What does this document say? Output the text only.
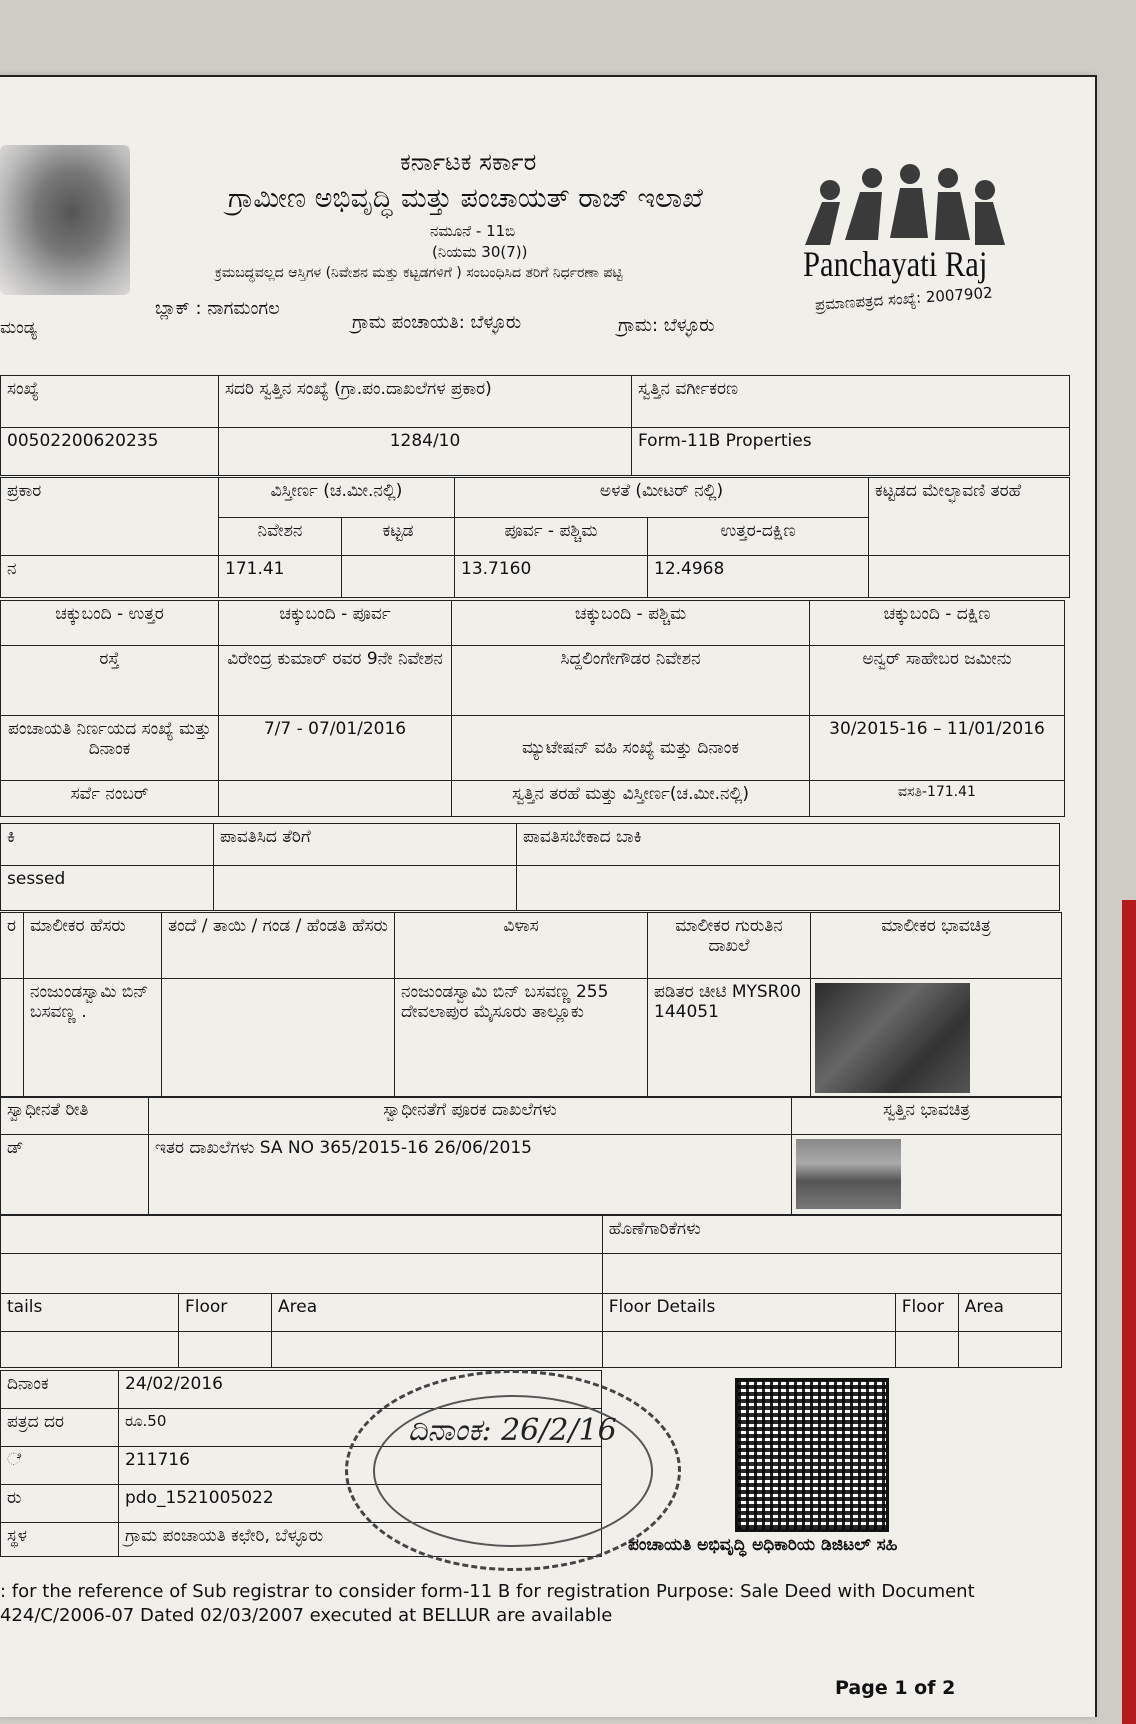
ಮಂಡ್ಯ
ಕರ್ನಾಟಕ ಸರ್ಕಾರ
ಗ್ರಾಮೀಣ ಅಭಿವೃದ್ಧಿ ಮತ್ತು ಪಂಚಾಯತ್ ರಾಜ್ ಇಲಾಖೆ
ನಮೂನೆ - 11ಬಿ
(ನಿಯಮ 30(7))
ಕ್ರಮಬದ್ಧವಲ್ಲದ ಆಸ್ತಿಗಳ (ನಿವೇಶನ ಮತ್ತು ಕಟ್ಟಡಗಳಿಗೆ ) ಸಂಬಂಧಿಸಿದ ತರಿಗೆ ನಿರ್ಧರಣಾ ಪಟ್ಟಿ
ಬ್ಲಾಕ್ : ನಾಗಮಂಗಲ
ಗ್ರಾಮ ಪಂಚಾಯತಿ: ಬೆಳ್ಳೂರು	ಗ್ರಾಮ: ಬೆಳ್ಳೂರು
Panchayati Raj
ಪ್ರಮಾಣಪತ್ರದ ಸಂಖ್ಯೆ: 2007902
ಸಂಖ್ಯೆ	ಸದರಿ ಸ್ವತ್ತಿನ ಸಂಖ್ಯೆ (ಗ್ರಾ.ಪಂ.ದಾಖಲೆಗಳ ಪ್ರಕಾರ)	ಸ್ವತ್ತಿನ ವರ್ಗೀಕರಣ
00502200620235	1284/10	Form-11B Properties
ಪ್ರಕಾರ	ವಿಸ್ತೀರ್ಣ (ಚ.ಮೀ.ನಲ್ಲಿ)		ಅಳತೆ (ಮೀಟರ್ ನಲ್ಲಿ)		ಕಟ್ಟಡದ ಮೇಲ್ಛಾವಣಿ ತರಹೆ
	ನಿವೇಶನ	ಕಟ್ಟಡ	ಪೂರ್ವ - ಪಶ್ಚಿಮ	ಉತ್ತರ-ದಕ್ಷಿಣ	
ನ	171.41		13.7160	12.4968	
ಚಕ್ಕುಬಂದಿ - ಉತ್ತರ	ಚಕ್ಕುಬಂದಿ - ಪೂರ್ವ	ಚಕ್ಕುಬಂದಿ - ಪಶ್ಚಿಮ	ಚಕ್ಕುಬಂದಿ - ದಕ್ಷಿಣ
ರಸ್ತೆ	ವಿರೇಂದ್ರ ಕುಮಾರ್ ರವರ 9ನೇ ನಿವೇಶನ	ಸಿದ್ದಲಿಂಗೇಗೌಡರ ನಿವೇಶನ	ಅನ್ವರ್ ಸಾಹೇಬರ ಜಮೀನು
ಪಂಚಾಯತಿ ನಿರ್ಣಯದ ಸಂಖ್ಯೆ ಮತ್ತು ದಿನಾಂಕ	7/7 - 07/01/2016	ಮ್ಯುಟೇಷನ್ ವಹಿ ಸಂಖ್ಯೆ ಮತ್ತು ದಿನಾಂಕ	30/2015-16 – 11/01/2016
ಸರ್ವೆ ನಂಬರ್		ಸ್ವತ್ತಿನ ತರಹೆ ಮತ್ತು ವಿಸ್ತೀರ್ಣ(ಚ.ಮೀ.ನಲ್ಲಿ)	ವಸತಿ-171.41
ಕಿ	ಪಾವತಿಸಿದ ತೆರಿಗೆ	ಪಾವತಿಸಬೇಕಾದ ಬಾಕಿ
sessed		
ರ	ಮಾಲೀಕರ ಹೆಸರು	ತಂದೆ / ತಾಯಿ / ಗಂಡ / ಹೆಂಡತಿ ಹೆಸರು	ವಿಳಾಸ	ಮಾಲೀಕರ ಗುರುತಿನ ದಾಖಲೆ	ಮಾಲೀಕರ ಭಾವಚಿತ್ರ
	ನಂಜುಂಡಸ್ವಾಮಿ ಬಿನ್ ಬಸವಣ್ಣ .		ನಂಜುಂಡಸ್ವಾಮಿ ಬಿನ್ ಬಸವಣ್ಣ 255 ದೇವಲಾಪುರ ಮೈಸೂರು ತಾಲ್ಲೂಕು	ಪಡಿತರ ಚೀಟಿ MYSR00144051	
ಸ್ವಾಧೀನತೆ ರೀತಿ	ಸ್ವಾಧೀನತೆಗೆ ಪೂರಕ ದಾಖಲೆಗಳು	ಸ್ವತ್ತಿನ ಭಾವಚಿತ್ರ
ಡ್	ಇತರ ದಾಖಲೆಗಳು SA NO 365/2015-16 26/06/2015	
			ಹೊಣೆಗಾರಿಕೆಗಳು		

tails	Floor	Area	Floor Details	Floor	Area

ದಿನಾಂಕ	24/02/2016	
ಪತ್ರದ ದರ	ರೂ.50	
ೆ	211716	
ರು	pdo_1521005022	
ಸ್ಥಳ	ಗ್ರಾಮ ಪಂಚಾಯತಿ ಕಛೇರಿ, ಬೆಳ್ಳೂರು	
ದಿನಾಂಕ: 26/2/16
ಪಂಚಾಯತಿ ಅಭಿವೃದ್ಧಿ ಅಧಿಕಾರಿಯ ಡಿಜಿಟಲ್ ಸಹಿ
: for the reference of Sub registrar to consider form-11 B for registration Purpose: Sale Deed with Document
424/C/2006-07 Dated 02/03/2007 executed at BELLUR are available
Page 1 of 2
